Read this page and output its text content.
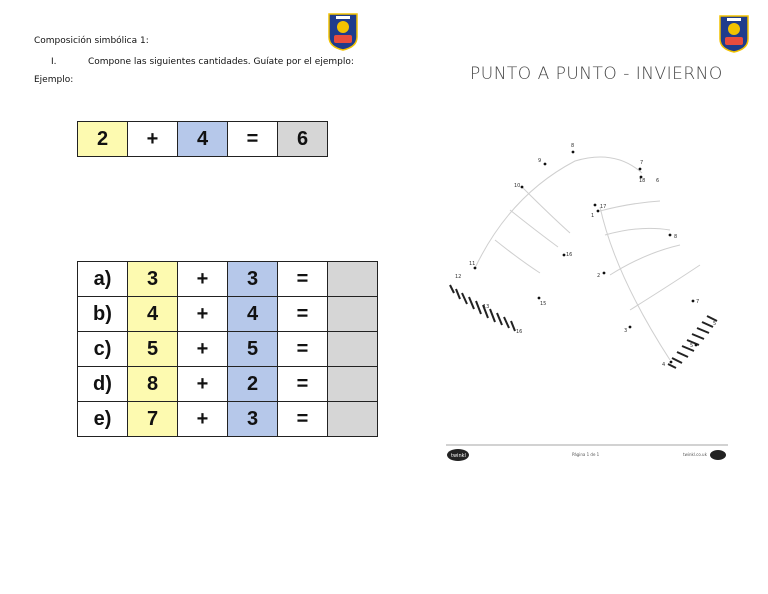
Composición simbólica 1:
I.	Compone las siguientes cantidades. Guíate por el ejemplo:
Ejemplo:
2	+	4	=	6
a)	3	+	3	=	
b)	4	+	4	=	
c)	5	+	5	=	
d)	8	+	2	=	
e)	7	+	3	=	
PUNTO A PUNTO - INVIERNO
8
9
10
11
12
13
16
15
16
17
1
7
18 6
8
2
7
3
5
5
4
twinkl	Página 1 de 1	twinkl.co.uk
